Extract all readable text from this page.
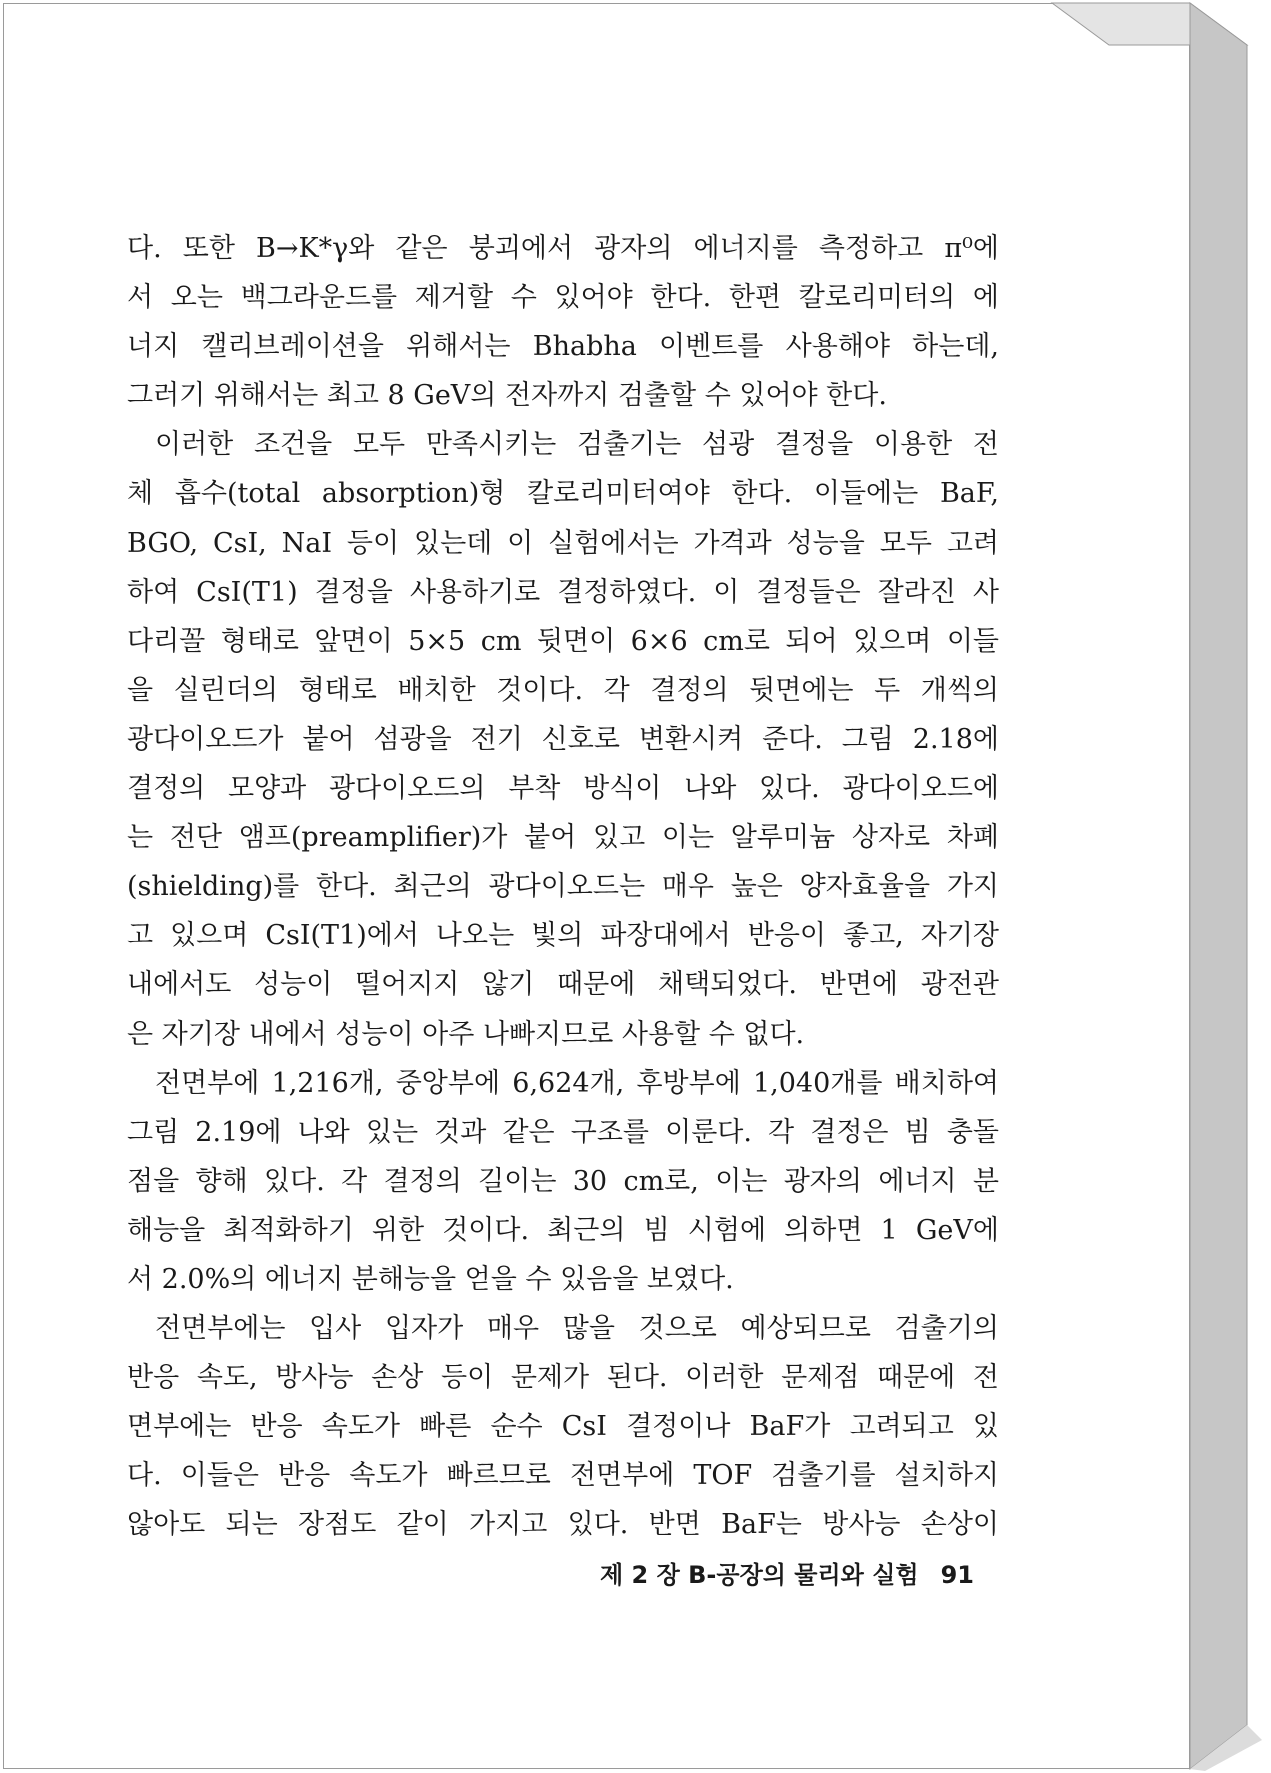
다. 또한 B→K*γ와 같은 붕괴에서 광자의 에너지를 측정하고 π⁰에
서 오는 백그라운드를 제거할 수 있어야 한다. 한편 칼로리미터의 에
너지 캘리브레이션을 위해서는 Bhabha 이벤트를 사용해야 하는데,
그러기 위해서는 최고 8 GeV의 전자까지 검출할 수 있어야 한다.
이러한 조건을 모두 만족시키는 검출기는 섬광 결정을 이용한 전
체 흡수(total absorption)형 칼로리미터여야 한다. 이들에는 BaF,
BGO, CsI, NaI 등이 있는데 이 실험에서는 가격과 성능을 모두 고려
하여 CsI(T1) 결정을 사용하기로 결정하였다. 이 결정들은 잘라진 사
다리꼴 형태로 앞면이 5×5 cm 뒷면이 6×6 cm로 되어 있으며 이들
을 실린더의 형태로 배치한 것이다. 각 결정의 뒷면에는 두 개씩의
광다이오드가 붙어 섬광을 전기 신호로 변환시켜 준다. 그림 2.18에
결정의 모양과 광다이오드의 부착 방식이 나와 있다. 광다이오드에
는 전단 앰프(preamplifier)가 붙어 있고 이는 알루미늄 상자로 차폐
(shielding)를 한다. 최근의 광다이오드는 매우 높은 양자효율을 가지
고 있으며 CsI(T1)에서 나오는 빛의 파장대에서 반응이 좋고, 자기장
내에서도 성능이 떨어지지 않기 때문에 채택되었다. 반면에 광전관
은 자기장 내에서 성능이 아주 나빠지므로 사용할 수 없다.
전면부에 1,216개, 중앙부에 6,624개, 후방부에 1,040개를 배치하여
그림 2.19에 나와 있는 것과 같은 구조를 이룬다. 각 결정은 빔 충돌
점을 향해 있다. 각 결정의 길이는 30 cm로, 이는 광자의 에너지 분
해능을 최적화하기 위한 것이다. 최근의 빔 시험에 의하면 1 GeV에
서 2.0%의 에너지 분해능을 얻을 수 있음을 보였다.
전면부에는 입사 입자가 매우 많을 것으로 예상되므로 검출기의
반응 속도, 방사능 손상 등이 문제가 된다. 이러한 문제점 때문에 전
면부에는 반응 속도가 빠른 순수 CsI 결정이나 BaF가 고려되고 있
다. 이들은 반응 속도가 빠르므로 전면부에 TOF 검출기를 설치하지
않아도 되는 장점도 같이 가지고 있다. 반면 BaF는 방사능 손상이
제 2 장 B-공장의 물리와 실험 91
